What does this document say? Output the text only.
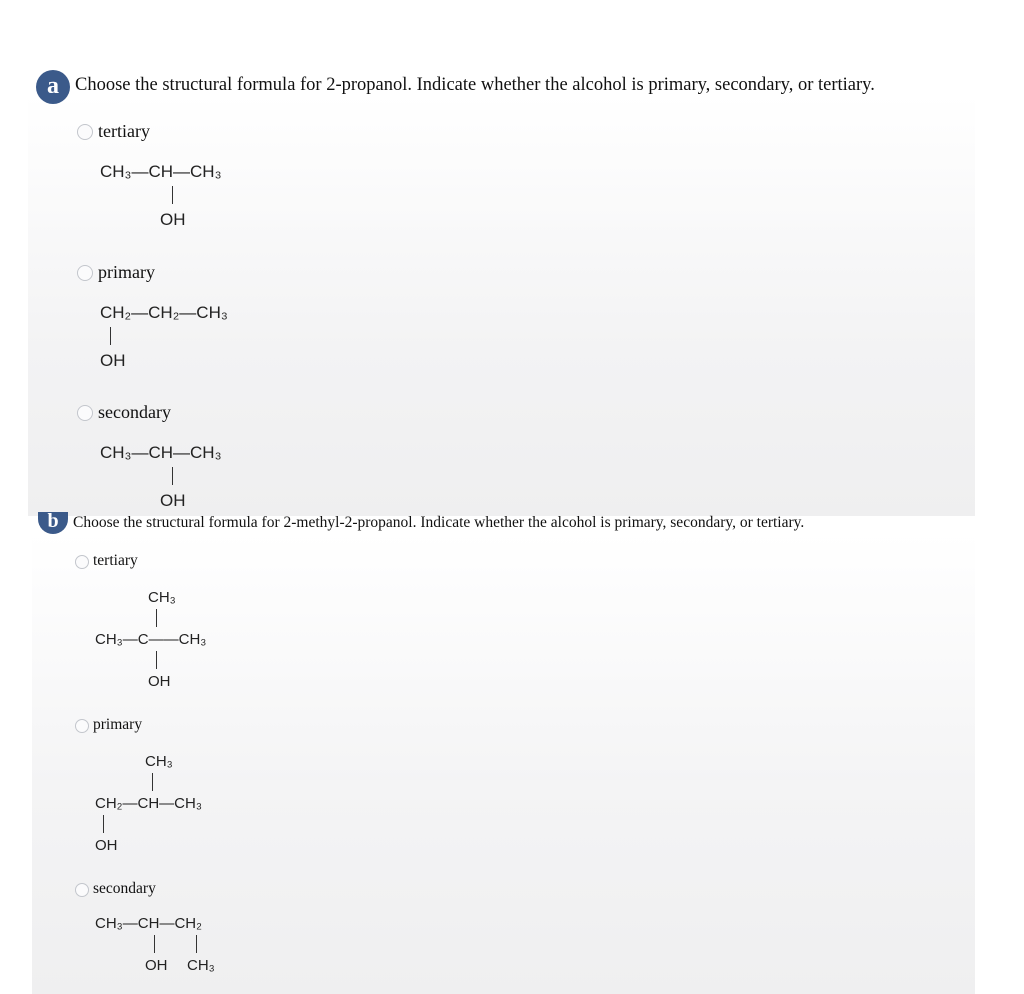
a Choose the structural formula for 2-propanol. Indicate whether the alcohol is primary, secondary, or tertiary.
tertiary
CH₃—CH—CH₃
OH
primary
CH₂—CH₂—CH₃
OH
secondary
CH₃—CH—CH₃
OH
b Choose the structural formula for 2-methyl-2-propanol. Indicate whether the alcohol is primary, secondary, or tertiary.
tertiary
CH₃
CH₃—C——CH₃
OH
primary
CH₃
CH₂—CH—CH₃
OH
secondary
CH₃—CH—CH₂
OH CH₃
